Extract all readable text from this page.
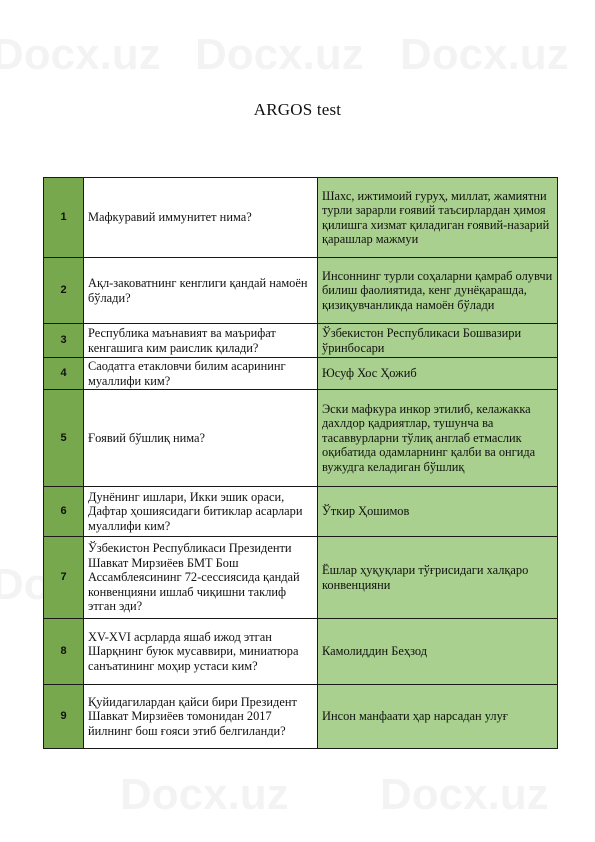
ARGOS test
1	Мафкуравий иммунитет нима?	Шахс, ижтимоий гуруҳ, миллат, жамиятни турли зарарли ғоявий таъсирлардан ҳимоя қилишга хизмат қиладиган ғоявий-назарий қарашлар мажмуи
2	Ақл-заковатнинг кенглиги қандай намоён бўлади?	Инсоннинг турли соҳаларни қамраб олувчи билиш фаолиятида, кенг дунёқарашда, қизиқувчанликда намоён бўлади
3	Республика маънавият ва маърифат кенгашига ким раислик қилади?	Ўзбекистон Республикаси Бошвазири ўринбосари
4	Саодатга етакловчи билим асарининг муаллифи ким?	Юсуф Хос Ҳожиб
5	Ғоявий бўшлиқ нима?	Эски мафкура инкор этилиб, келажакка дахлдор қадриятлар, тушунча ва тасаввурларни тўлиқ англаб етмаслик оқибатида одамларнинг қалби ва онгида вужудга келадиган бўшлиқ
6	Дунёнинг ишлари, Икки эшик ораси, Дафтар ҳошиясидаги битиклар асарлари муаллифи ким?	Ўткир Ҳошимов
7	Ўзбекистон Республикаси Президенти Шавкат Мирзиёев БМТ Бош Ассамблеясининг 72-сессиясида қандай конвенцияни ишлаб чиқишни таклиф этган эди?	Ёшлар ҳуқуқлари тўғрисидаги халқаро конвенцияни
8	XV-XVI асрларда яшаб ижод этган Шарқнинг буюк мусаввири, миниатюра санъатининг моҳир устаси ким?	Камолиддин Беҳзод
9	Қуйидагилардан қайси бири Президент Шавкат Мирзиёев томонидан 2017 йилнинг бош ғояси этиб белгиланди?	Инсон манфаати ҳар нарсадан улуғ
